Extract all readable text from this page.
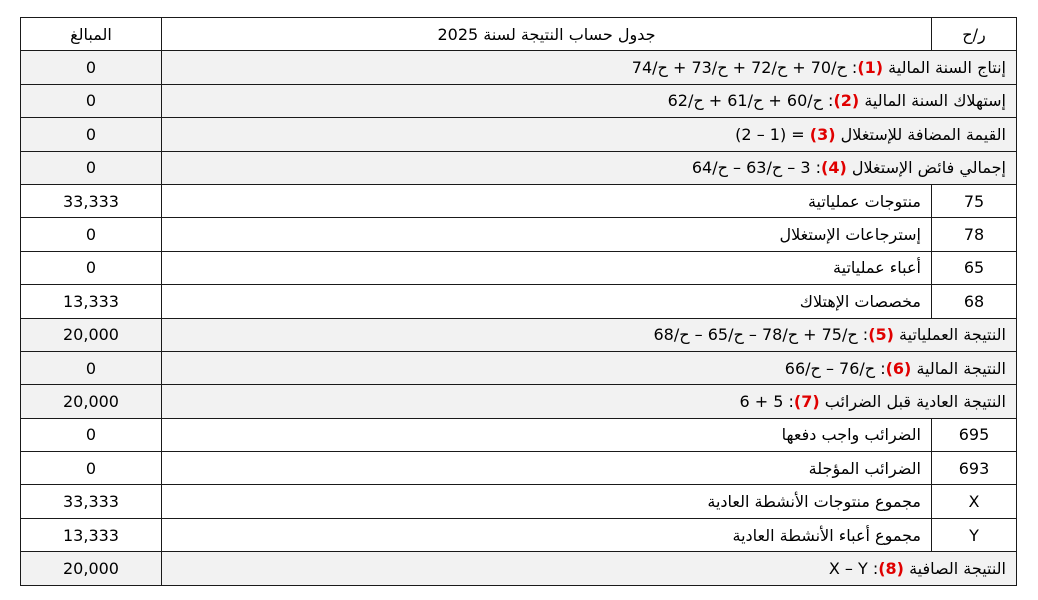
المبالغ	جدول حساب النتيجة لسنة 2025	ر/ح
0	إنتاج السنة المالية (1): ح/70 + ح/72 + ح/73 + ح/74	
0	إستهلاك السنة المالية (2): ح/60 + ح/61 + ح/62	
0	القيمة المضافة للإستغلال (3) = (1 – 2)	
0	إجمالي فائض الإستغلال (4): 3 – ح/63 – ح/64	
33,333	منتوجات عملياتية	75
0	إسترجاعات الإستغلال	78
0	أعباء عملياتية	65
13,333	مخصصات الإهتلاك	68
20,000	النتيجة العملياتية (5): ح/75 + ح/78 – ح/65 – ح/68	
0	النتيجة المالية (6): ح/76 – ح/66	
20,000	النتيجة العادية قبل الضرائب (7): 5 + 6	
0	الضرائب واجب دفعها	695
0	الضرائب المؤجلة	693
33,333	مجموع منتوجات الأنشطة العادية	X
13,333	مجموع أعباء الأنشطة العادية	Y
20,000	النتيجة الصافية (8): X – Y	
